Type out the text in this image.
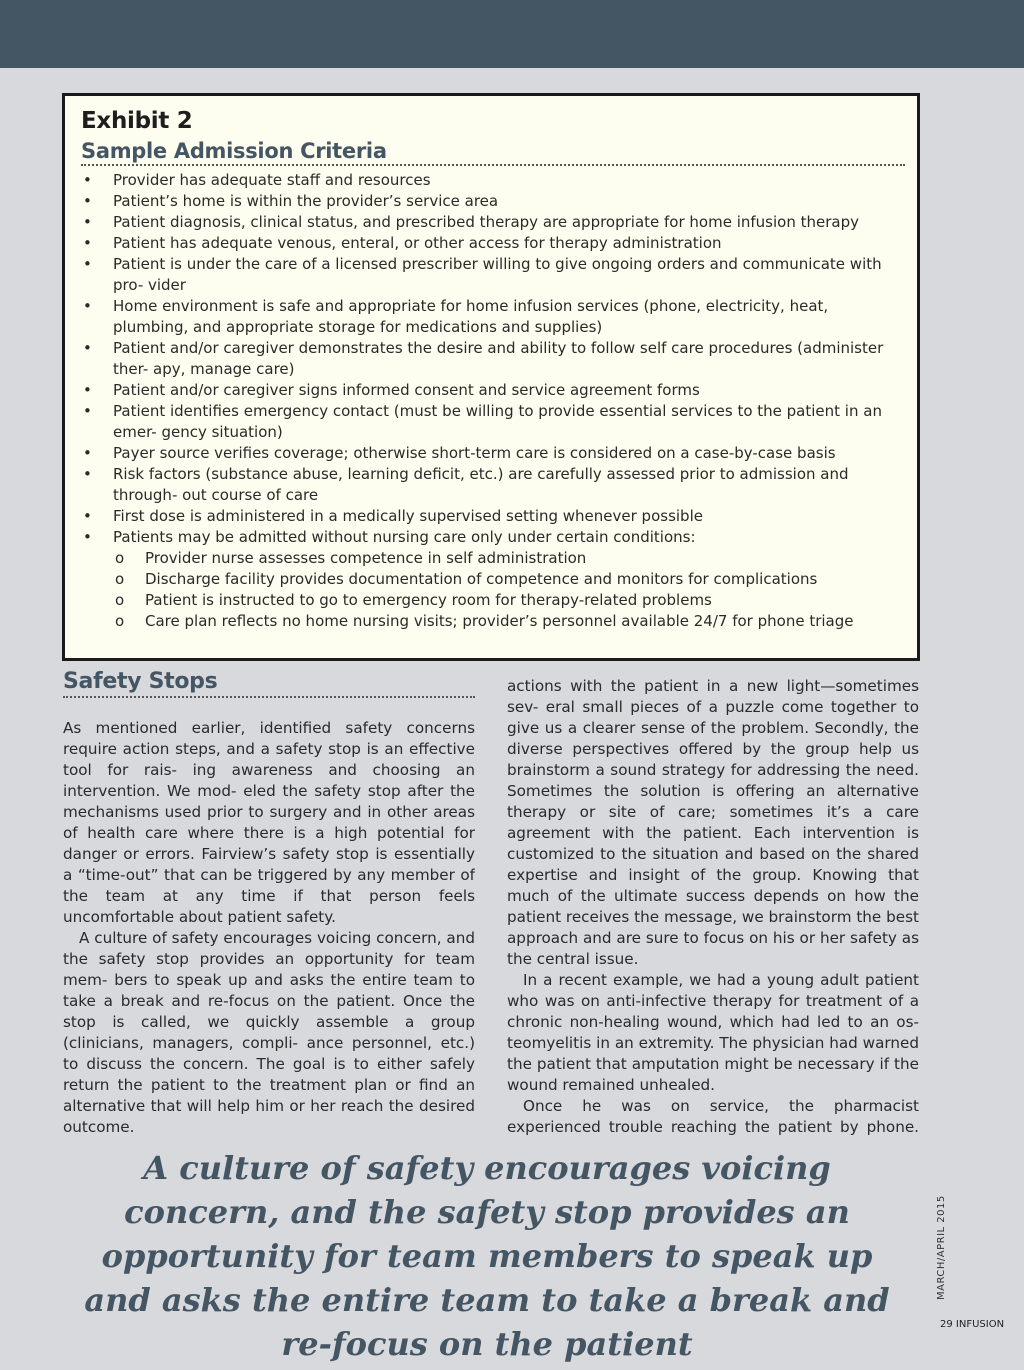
Exhibit 2
Sample Admission Criteria
• Provider has adequate staff and resources
• Patient’s home is within the provider’s service area
• Patient diagnosis, clinical status, and prescribed therapy are appropriate for home infusion therapy
• Patient has adequate venous, enteral, or other access for therapy administration
• Patient is under the care of a licensed prescriber willing to give ongoing orders and communicate with pro- vider
• Home environment is safe and appropriate for home infusion services (phone, electricity, heat, plumbing, and appropriate storage for medications and supplies)
• Patient and/or caregiver demonstrates the desire and ability to follow self care procedures (administer ther- apy, manage care)
• Patient and/or caregiver signs informed consent and service agreement forms
• Patient identifies emergency contact (must be willing to provide essential services to the patient in an emer- gency situation)
• Payer source verifies coverage; otherwise short-term care is considered on a case-by-case basis
• Risk factors (substance abuse, learning deficit, etc.) are carefully assessed prior to admission and through- out course of care
• First dose is administered in a medically supervised setting whenever possible
• Patients may be admitted without nursing care only under certain conditions:
o Provider nurse assesses competence in self administration
o Discharge facility provides documentation of competence and monitors for complications
o Patient is instructed to go to emergency room for therapy-related problems
o Care plan reflects no home nursing visits; provider’s personnel available 24/7 for phone triage
Safety Stops

As mentioned earlier, identified safety concerns require action steps, and a safety stop is an effective tool for rais- ing awareness and choosing an intervention. We mod- eled the safety stop after the mechanisms used prior to surgery and in other areas of health care where there is a high potential for danger or errors. Fairview’s safety stop is essentially a “time-out” that can be triggered by any member of the team at any time if that person feels uncomfortable about patient safety.

A culture of safety encourages voicing concern, and the safety stop provides an opportunity for team mem- bers to speak up and asks the entire team to take a break and re-focus on the patient. Once the stop is called, we quickly assemble a group (clinicians, managers, compli- ance personnel, etc.) to discuss the concern. The goal is to either safely return the patient to the treatment plan or find an alternative that will help him or her reach the desired outcome.

actions with the patient in a new light—sometimes sev- eral small pieces of a puzzle come together to give us a clearer sense of the problem. Secondly, the diverse perspectives offered by the group help us brainstorm a sound strategy for addressing the need. Sometimes the solution is offering an alternative therapy or site of care; sometimes it’s a care agreement with the patient. Each intervention is customized to the situation and based on the shared expertise and insight of the group. Knowing that much of the ultimate success depends on how the patient receives the message, we brainstorm the best approach and are sure to focus on his or her safety as the central issue.

In a recent example, we had a young adult patient who was on anti-infective therapy for treatment of a chronic non-healing wound, which had led to an os- teomyelitis in an extremity. The physician had warned the patient that amputation might be necessary if the wound remained unhealed.

Once he was on service, the pharmacist experienced trouble reaching the patient by phone.

A culture of safety encourages voicing concern, and the safety stop provides an opportunity for team members to speak up and asks the entire team to take a break and re-focus on the patient
MARCH/APRIL 2015
29 INFUSION
